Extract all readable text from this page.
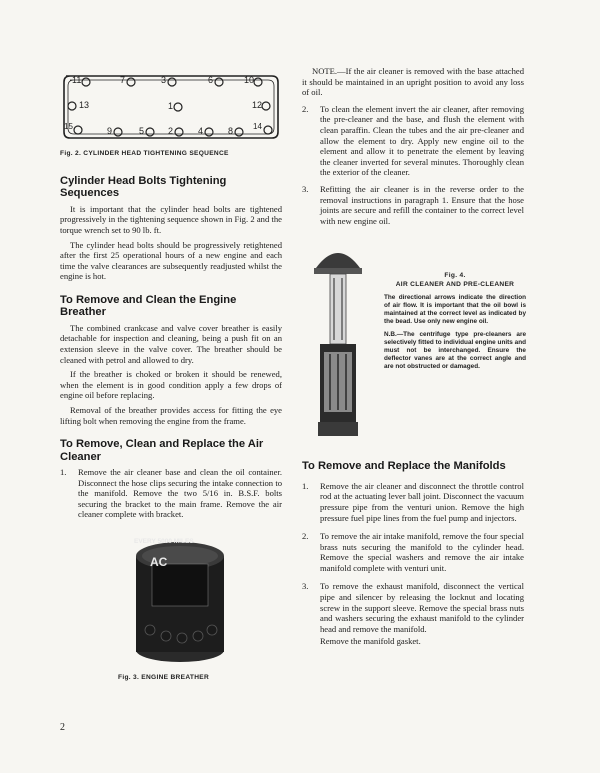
11	7	3	6	10
13	1	12
15	9	5	2	4	8 14
Fig. 2. CYLINDER HEAD TIGHTENING SEQUENCE
Cylinder Head Bolts Tightening Sequences

It is important that the cylinder head bolts are tightened progressively in the tightening sequence shown in Fig. 2 and the torque wrench set to 90 lb. ft.

The cylinder head bolts should be progressively retightened after the first 25 operational hours of a new engine and each time the valve clearances are subsequently readjusted whilst the engine is hot.

To Remove and Clean the Engine Breather

The combined crankcase and valve cover breather is easily detachable for inspection and cleaning, being a push fit on an extension sleeve in the valve cover. The breather should be cleaned with petrol and allowed to dry.

If the breather is choked or broken it should be renewed, when the element is in good condition apply a few drops of engine oil before replacing.

Removal of the breather provides access for fitting the eye lifting bolt when removing the engine from the frame.

To Remove, Clean and Replace the Air Cleaner
1.	Remove the air cleaner base and clean the oil container. Disconnect the hose clips securing the intake connection to the manifold. Remove the two 5/16 in. B.S.F. bolts securing the bracket to the main frame. Remove the air cleaner complete with bracket.

Fig. 3. ENGINE BREATHER
EVERY 5000 MILES
AC

NOTE.—If the air cleaner is removed with the base attached it should be maintained in an upright position to avoid any loss of oil.

2.	To clean the element invert the air cleaner, after removing the pre-cleaner and the base, and flush the element with clean paraffin. Clean the tubes and the air pre-cleaner and allow the element to dry. Apply new engine oil to the element and allow it to penetrate the element by leaving the cleaner inverted for several minutes. Thoroughly clean the exterior of the cleaner.

3.	Refitting the air cleaner is in the reverse order to the removal instructions in paragraph 1. Ensure that the hose joints are secure and refill the container to the correct level with new engine oil.

Fig. 4.
AIR CLEANER AND PRE-CLEANER
The directional arrows indicate the direction of air flow. It is important that the oil bowl is maintained at the correct level as indicated by the bead. Use only new engine oil.
N.B.—The centrifuge type pre-cleaners are selectively fitted to individual engine units and must not be interchanged. Ensure the deflector vanes are at the correct angle and are not obstructed or damaged.
To Remove and Replace the Manifolds
1.	Remove the air cleaner and disconnect the throttle control rod at the actuating lever ball joint. Disconnect the vacuum pressure pipe from the venturi union. Remove the high pressure fuel pipe lines from the fuel pump and injectors.

2.	To remove the air intake manifold, remove the four special brass nuts securing the manifold to the cylinder head. Remove the special washers and remove the air intake manifold complete with venturi unit.

3.	To remove the exhaust manifold, disconnect the vertical pipe and silencer by releasing the locknut and locating screw in the support sleeve. Remove the special brass nuts and washers securing the exhaust manifold to the cylinder head and remove the manifold.

Remove the manifold gasket.

2
